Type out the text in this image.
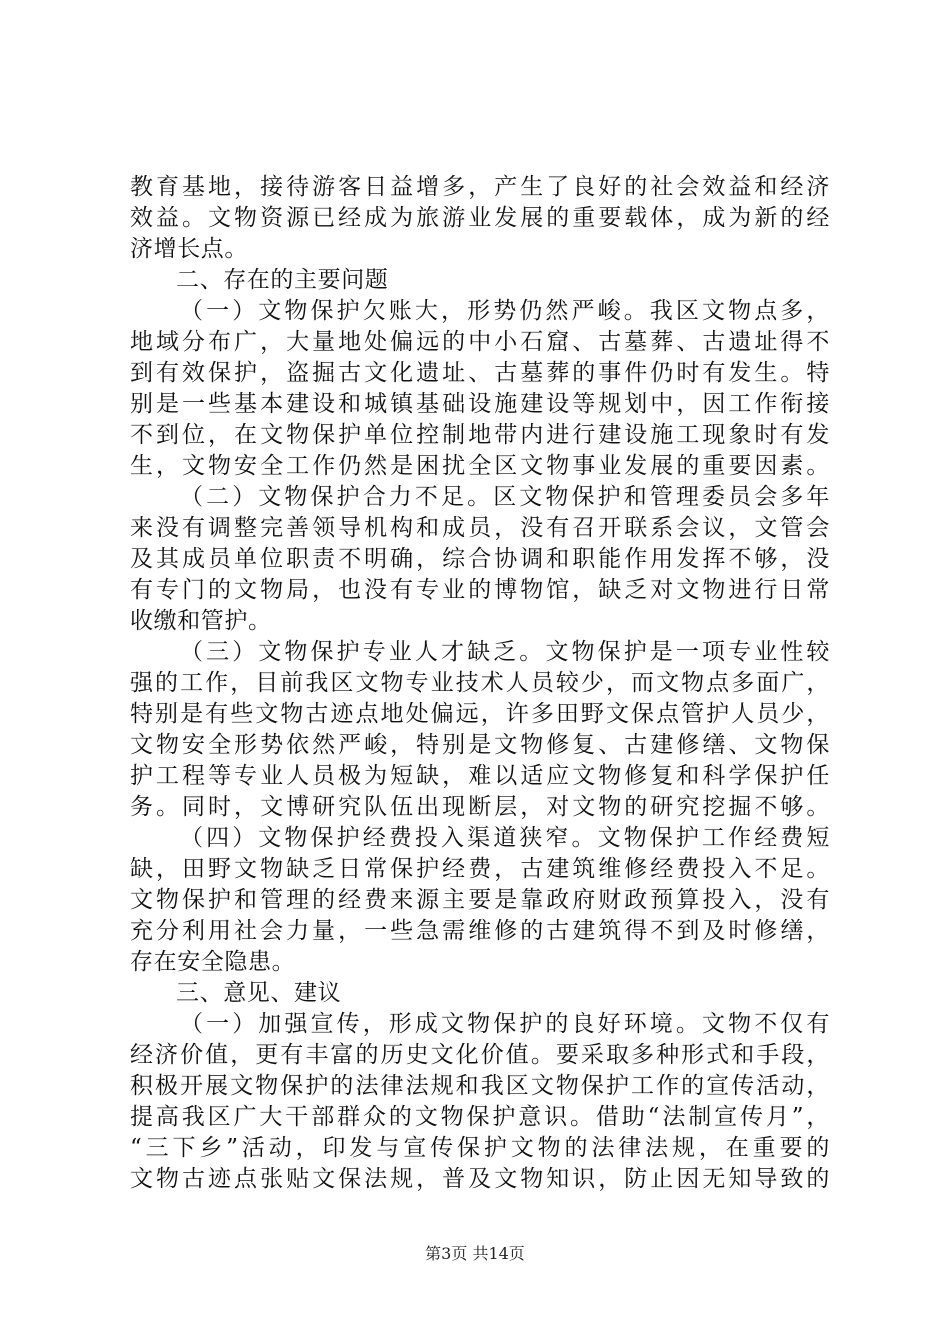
教育基地，接待游客日益增多，产生了良好的社会效益和经济
效益。文物资源已经成为旅游业发展的重要载体，成为新的经
济增长点。
二、存在的主要问题
（一）文物保护欠账大，形势仍然严峻。我区文物点多，
地域分布广，大量地处偏远的中小石窟、古墓葬、古遗址得不
到有效保护，盗掘古文化遗址、古墓葬的事件仍时有发生。特
别是一些基本建设和城镇基础设施建设等规划中，因工作衔接
不到位，在文物保护单位控制地带内进行建设施工现象时有发
生，文物安全工作仍然是困扰全区文物事业发展的重要因素。
（二）文物保护合力不足。区文物保护和管理委员会多年
来没有调整完善领导机构和成员，没有召开联系会议，文管会
及其成员单位职责不明确，综合协调和职能作用发挥不够，没
有专门的文物局，也没有专业的博物馆，缺乏对文物进行日常
收缴和管护。
（三）文物保护专业人才缺乏。文物保护是一项专业性较
强的工作，目前我区文物专业技术人员较少，而文物点多面广，
特别是有些文物古迹点地处偏远，许多田野文保点管护人员少，
文物安全形势依然严峻，特别是文物修复、古建修缮、文物保
护工程等专业人员极为短缺，难以适应文物修复和科学保护任
务。同时，文博研究队伍出现断层，对文物的研究挖掘不够。
（四）文物保护经费投入渠道狭窄。文物保护工作经费短
缺，田野文物缺乏日常保护经费，古建筑维修经费投入不足。
文物保护和管理的经费来源主要是靠政府财政预算投入，没有
充分利用社会力量，一些急需维修的古建筑得不到及时修缮，
存在安全隐患。
三、意见、建议
（一）加强宣传，形成文物保护的良好环境。文物不仅有
经济价值，更有丰富的历史文化价值。要采取多种形式和手段，
积极开展文物保护的法律法规和我区文物保护工作的宣传活动，
提高我区广大干部群众的文物保护意识。借助“法制宣传月”，
“三下乡”活动，印发与宣传保护文物的法律法规，在重要的
文物古迹点张贴文保法规，普及文物知识，防止因无知导致的
第3页 共14页
